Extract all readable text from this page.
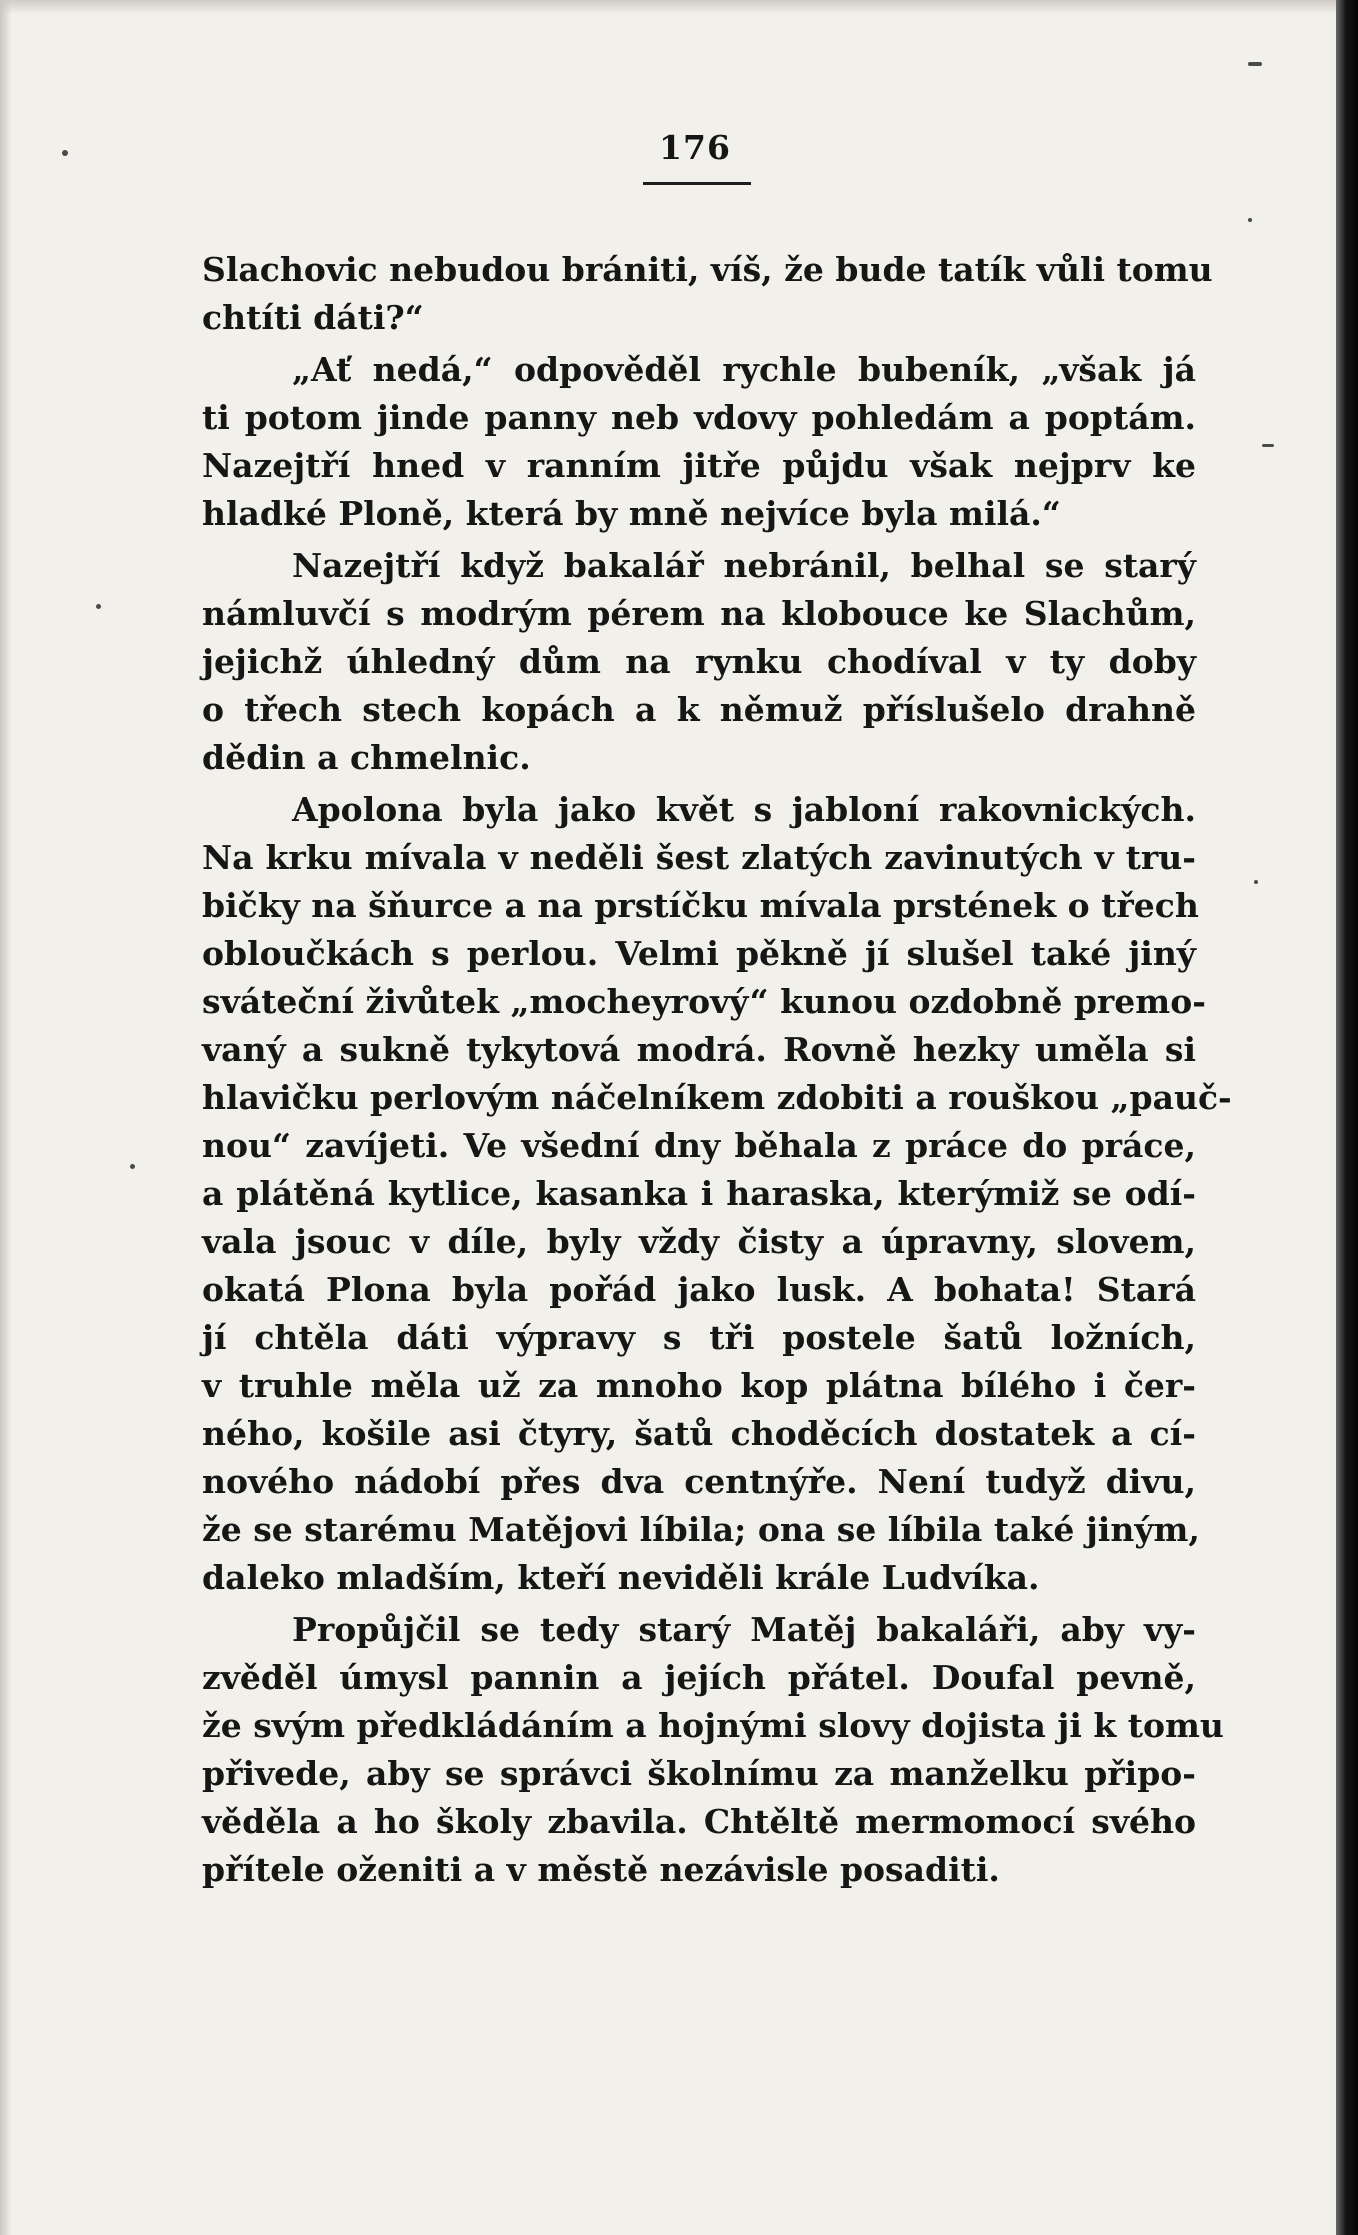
176
Slachovic nebudou brániti, víš, že bude tatík vůli tomu
chtíti dáti?“
„Ať nedá,“ odpověděl rychle bubeník, „však já
ti potom jinde panny neb vdovy pohledám a poptám.
Nazejtří hned v ranním jitře půjdu však nejprv ke
hladké Ploně, která by mně nejvíce byla milá.“
Nazejtří když bakalář nebránil, belhal se starý
námluvčí s modrým pérem na klobouce ke Slachům,
jejichž úhledný dům na rynku chodíval v ty doby
o třech stech kopách a k němuž příslušelo drahně
dědin a chmelnic.
Apolona byla jako květ s jabloní rakovnických.
Na krku mívala v neděli šest zlatých zavinutých v tru-
bičky na šňurce a na prstíčku mívala prstének o třech
obloučkách s perlou. Velmi pěkně jí slušel také jiný
sváteční živůtek „mocheyrový“ kunou ozdobně premo-
vaný a sukně tykytová modrá. Rovně hezky uměla si
hlavičku perlovým náčelníkem zdobiti a rouškou „pauč-
nou“ zavíjeti. Ve všední dny běhala z práce do práce,
a plátěná kytlice, kasanka i haraska, kterýmiž se odí-
vala jsouc v díle, byly vždy čisty a úpravny, slovem,
okatá Plona byla pořád jako lusk. A bohata! Stará
jí chtěla dáti výpravy s tři postele šatů ložních,
v truhle měla už za mnoho kop plátna bílého i čer-
ného, košile asi čtyry, šatů choděcích dostatek a cí-
nového nádobí přes dva centnýře. Není tudyž divu,
že se starému Matějovi líbila; ona se líbila také jiným,
daleko mladším, kteří neviděli krále Ludvíka.
Propůjčil se tedy starý Matěj bakaláři, aby vy-
zvěděl úmysl pannin a jejích přátel. Doufal pevně,
že svým předkládáním a hojnými slovy dojista ji k tomu
přivede, aby se správci školnímu za manželku připo-
věděla a ho školy zbavila. Chtěltě mermomocí svého
přítele oženiti a v městě nezávisle posaditi.
